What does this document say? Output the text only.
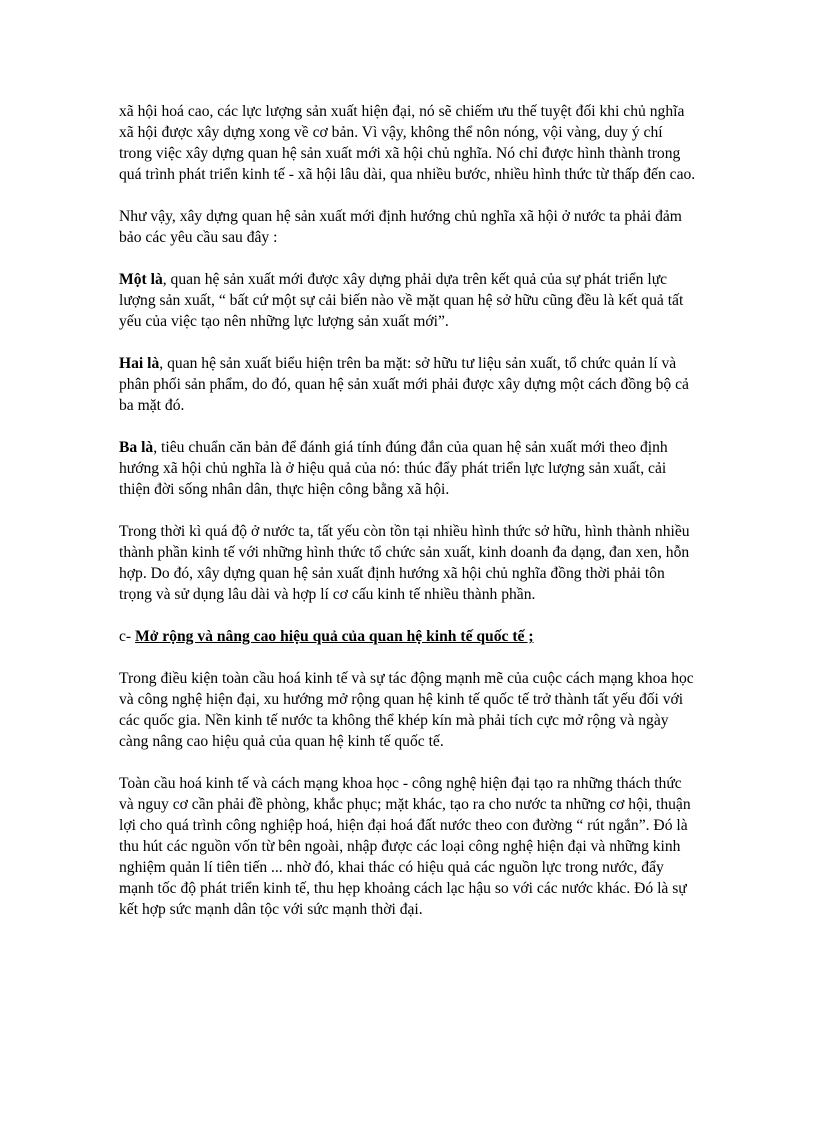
xã hội hoá cao, các lực lượng sản xuất hiện đại, nó sẽ chiếm ưu thế tuyệt đối khi chủ nghĩa xã hội được xây dựng xong về cơ bản. Vì vậy, không thể nôn nóng, vội vàng, duy ý chí trong việc xây dựng quan hệ sản xuất mới xã hội chủ nghĩa. Nó chỉ được hình thành trong quá trình phát triển kinh tế - xã hội lâu dài, qua nhiều bước, nhiều hình thức từ thấp đến cao.

Như vậy, xây dựng quan hệ sản xuất mới định hướng chủ nghĩa xã hội ở nước ta phải đảm bảo các yêu cầu sau đây :

Một là, quan hệ sản xuất mới được xây dựng phải dựa trên kết quả của sự phát triển lực lượng sản xuất, “ bất cứ một sự cải biến nào về mặt quan hệ sở hữu cũng đều là kết quả tất yếu của việc tạo nên những lực lượng sản xuất mới”.

Hai là, quan hệ sản xuất biểu hiện trên ba mặt: sở hữu tư liệu sản xuất, tổ chức quản lí và phân phối sản phẩm, do đó, quan hệ sản xuất mới phải được xây dựng một cách đồng bộ cả ba mặt đó.

Ba là, tiêu chuẩn căn bản để đánh giá tính đúng đắn của quan hệ sản xuất mới theo định hướng xã hội chủ nghĩa là ở hiệu quả của nó: thúc đẩy phát triển lực lượng sản xuất, cải thiện đời sống nhân dân, thực hiện công bằng xã hội.

Trong thời kì quá độ ở nước ta, tất yếu còn tồn tại nhiều hình thức sở hữu, hình thành nhiều thành phần kinh tế với những hình thức tổ chức sản xuất, kinh doanh đa dạng, đan xen, hỗn hợp. Do đó, xây dựng quan hệ sản xuất định hướng xã hội chủ nghĩa đồng thời phải tôn trọng và sử dụng lâu dài và hợp lí cơ cấu kinh tế nhiều thành phần.

c- Mở rộng và nâng cao hiệu quả của quan hệ kinh tế quốc tế ;

Trong điều kiện toàn cầu hoá kinh tế và sự tác động mạnh mẽ của cuộc cách mạng khoa học và công nghệ hiện đại, xu hướng mở rộng quan hệ kinh tế quốc tế trở thành tất yếu đối với các quốc gia. Nền kinh tế nước ta không thể khép kín mà phải tích cực mở rộng và ngày càng nâng cao hiệu quả của quan hệ kinh tế quốc tế.

Toàn cầu hoá kinh tế và cách mạng khoa học - công nghệ hiện đại tạo ra những thách thức và nguy cơ cần phải đề phòng, khắc phục; mặt khác, tạo ra cho nước ta những cơ hội, thuận lợi cho quá trình công nghiệp hoá, hiện đại hoá đất nước theo con đường “ rút ngắn”. Đó là thu hút các nguồn vốn từ bên ngoài, nhập được các loại công nghệ hiện đại và những kinh nghiệm quản lí tiên tiến ... nhờ đó, khai thác có hiệu quả các nguồn lực trong nước, đẩy mạnh tốc độ phát triển kinh tế, thu hẹp khoảng cách lạc hậu so với các nước khác. Đó là sự kết hợp sức mạnh dân tộc với sức mạnh thời đại.
